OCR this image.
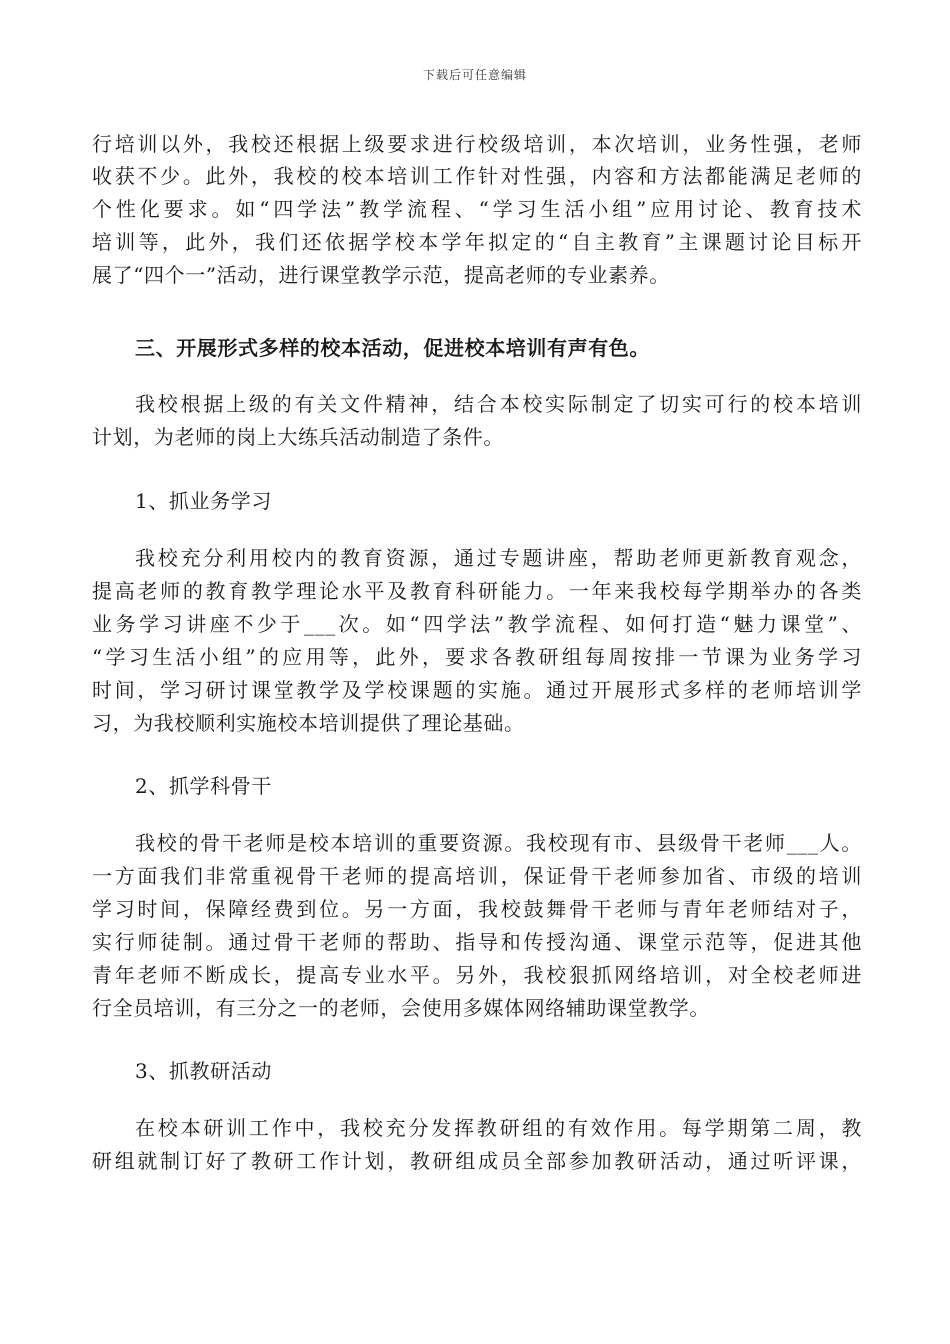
下载后可任意编辑
行培训以外，我校还根据上级要求进行校级培训，本次培训，业务性强，老师
收获不少。此外，我校的校本培训工作针对性强，内容和方法都能满足老师的
个性化要求。如“四学法”教学流程、“学习生活小组”应用讨论、教育技术
培训等，此外，我们还依据学校本学年拟定的“自主教育”主课题讨论目标开
展了“四个一”活动，进行课堂教学示范，提高老师的专业素养。
三、开展形式多样的校本活动，促进校本培训有声有色。
我校根据上级的有关文件精神，结合本校实际制定了切实可行的校本培训
计划，为老师的岗上大练兵活动制造了条件。
1、抓业务学习
我校充分利用校内的教育资源，通过专题讲座，帮助老师更新教育观念，
提高老师的教育教学理论水平及教育科研能力。一年来我校每学期举办的各类
业务学习讲座不少于___次。如“四学法”教学流程、如何打造“魅力课堂”、
“学习生活小组”的应用等，此外，要求各教研组每周按排一节课为业务学习
时间，学习研讨课堂教学及学校课题的实施。通过开展形式多样的老师培训学
习，为我校顺利实施校本培训提供了理论基础。
2、抓学科骨干
我校的骨干老师是校本培训的重要资源。我校现有市、县级骨干老师___人。
一方面我们非常重视骨干老师的提高培训，保证骨干老师参加省、市级的培训
学习时间，保障经费到位。另一方面，我校鼓舞骨干老师与青年老师结对子，
实行师徒制。通过骨干老师的帮助、指导和传授沟通、课堂示范等，促进其他
青年老师不断成长，提高专业水平。另外，我校狠抓网络培训，对全校老师进
行全员培训，有三分之一的老师，会使用多媒体网络辅助课堂教学。
3、抓教研活动
在校本研训工作中，我校充分发挥教研组的有效作用。每学期第二周，教
研组就制订好了教研工作计划，教研组成员全部参加教研活动，通过听评课，
